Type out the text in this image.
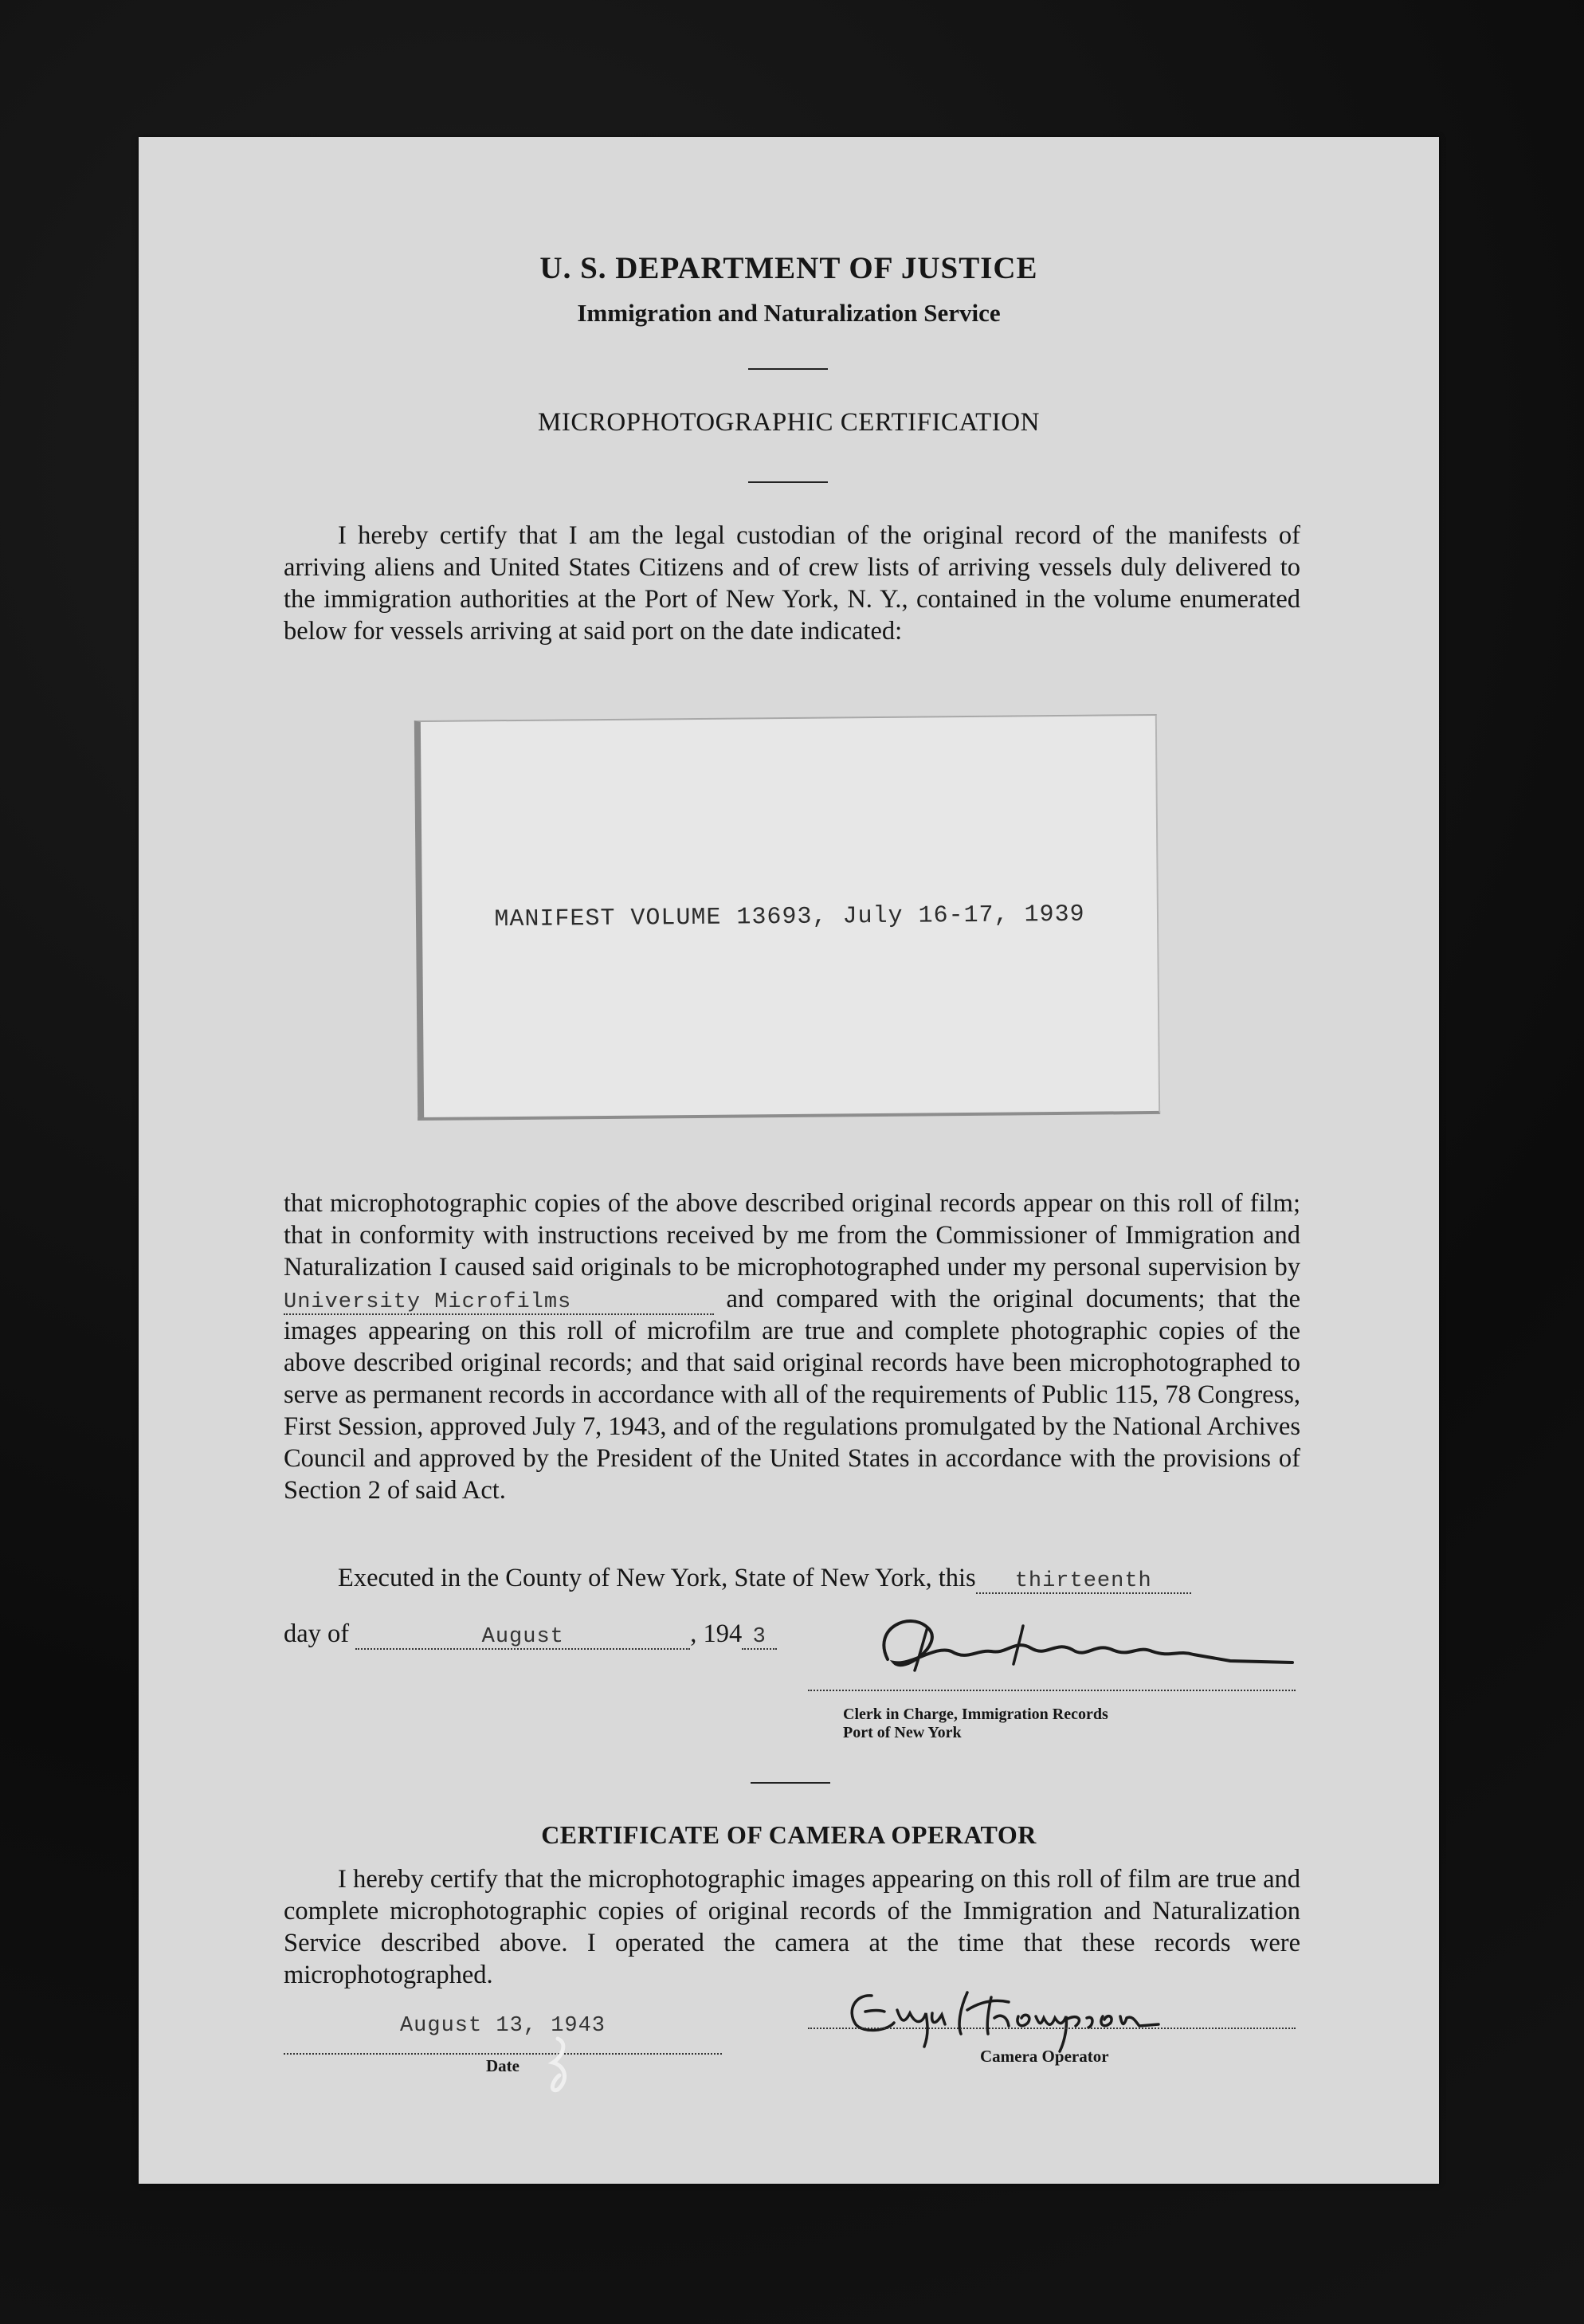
U. S. DEPARTMENT OF JUSTICE
Immigration and Naturalization Service
MICROPHOTOGRAPHIC CERTIFICATION
I hereby certify that I am the legal custodian of the original record of the manifests of arriving aliens and United States Citizens and of crew lists of arriving vessels duly delivered to the immigration authorities at the Port of New York, N. Y., contained in the volume enumerated below for vessels arriving at said port on the date indicated:
MANIFEST VOLUME 13693, July 16-17, 1939
that microphotographic copies of the above described original records appear on this roll of film; that in conformity with instructions received by me from the Commissioner of Immigration and Naturalization I caused said originals to be microphotographed under my personal supervision by University Microfilms	and compared with the original documents; that the images appearing on this roll of microfilm are true and complete photographic copies of the above described original records; and that said original records have been microphotographed to serve as permanent records in accordance with all of the requirements of Public 115, 78 Congress, First Session, approved July 7, 1943, and of the regulations promulgated by the National Archives Council and approved by the President of the United States in accordance with the provisions of Section 2 of said Act.
Executed in the County of New York, State of New York, this thirteenth
day of	August	, 194 3
Clerk in Charge, Immigration Records
Port of New York
CERTIFICATE OF CAMERA OPERATOR
I hereby certify that the microphotographic images appearing on this roll of film are true and complete microphotographic copies of original records of the Immigration and Naturalization Service described above. I operated the camera at the time that these records were microphotographed.
August 13, 1943
Date	Camera Operator
